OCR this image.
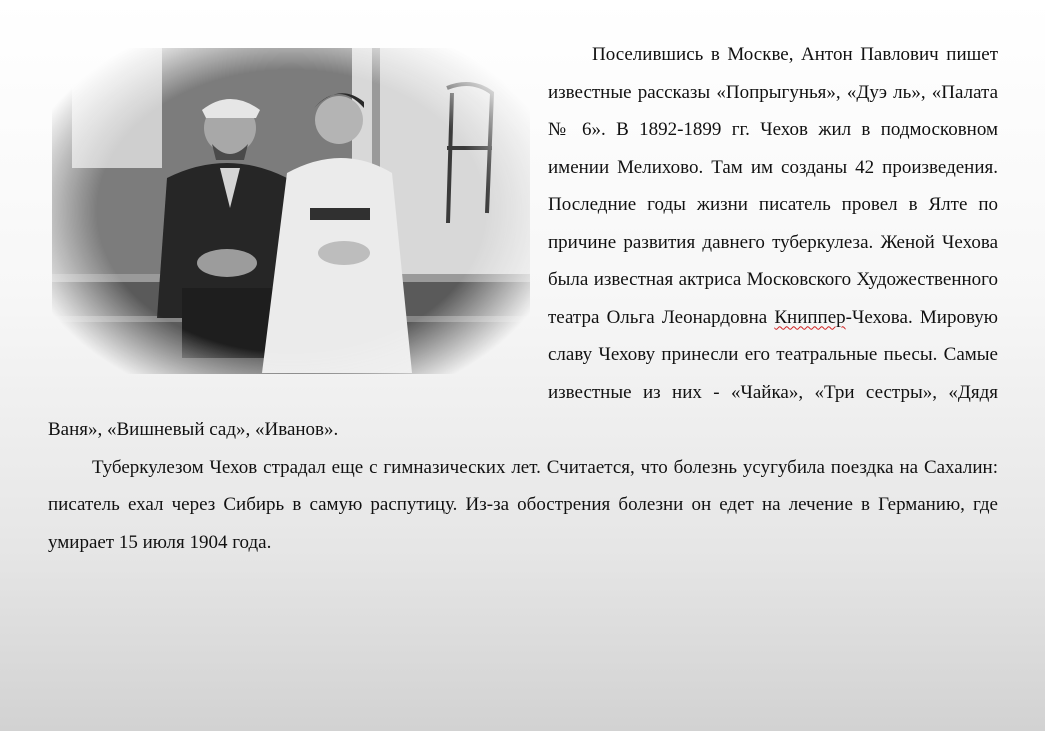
Поселившись в Москве, Антон Павлович пишет известные рассказы «Попрыгунья», «Дуэ ль», «Палата № 6». В 1892-1899 гг. Чехов жил в подмосковном имении Мелихово. Там им созданы 42 произведения. Последние годы жизни писатель провел в Ялте по причине развития давнего туберкулеза. Женой Чехова была известная актриса Московского Художественного театра Ольга Леонардовна Книппер-Чехова. Мировую славу Чехову принесли его театральные пьесы. Самые известные из них - «Чайка», «Три сестры», «Дядя Ваня», «Вишневый сад», «Иванов».

Туберкулезом Чехов страдал еще с гимназических лет. Считается, что болезнь усугубила поездка на Сахалин: писатель ехал через Сибирь в самую распутицу. Из-за обострения болезни он едет на лечение в Германию, где умирает 15 июля 1904 года.
